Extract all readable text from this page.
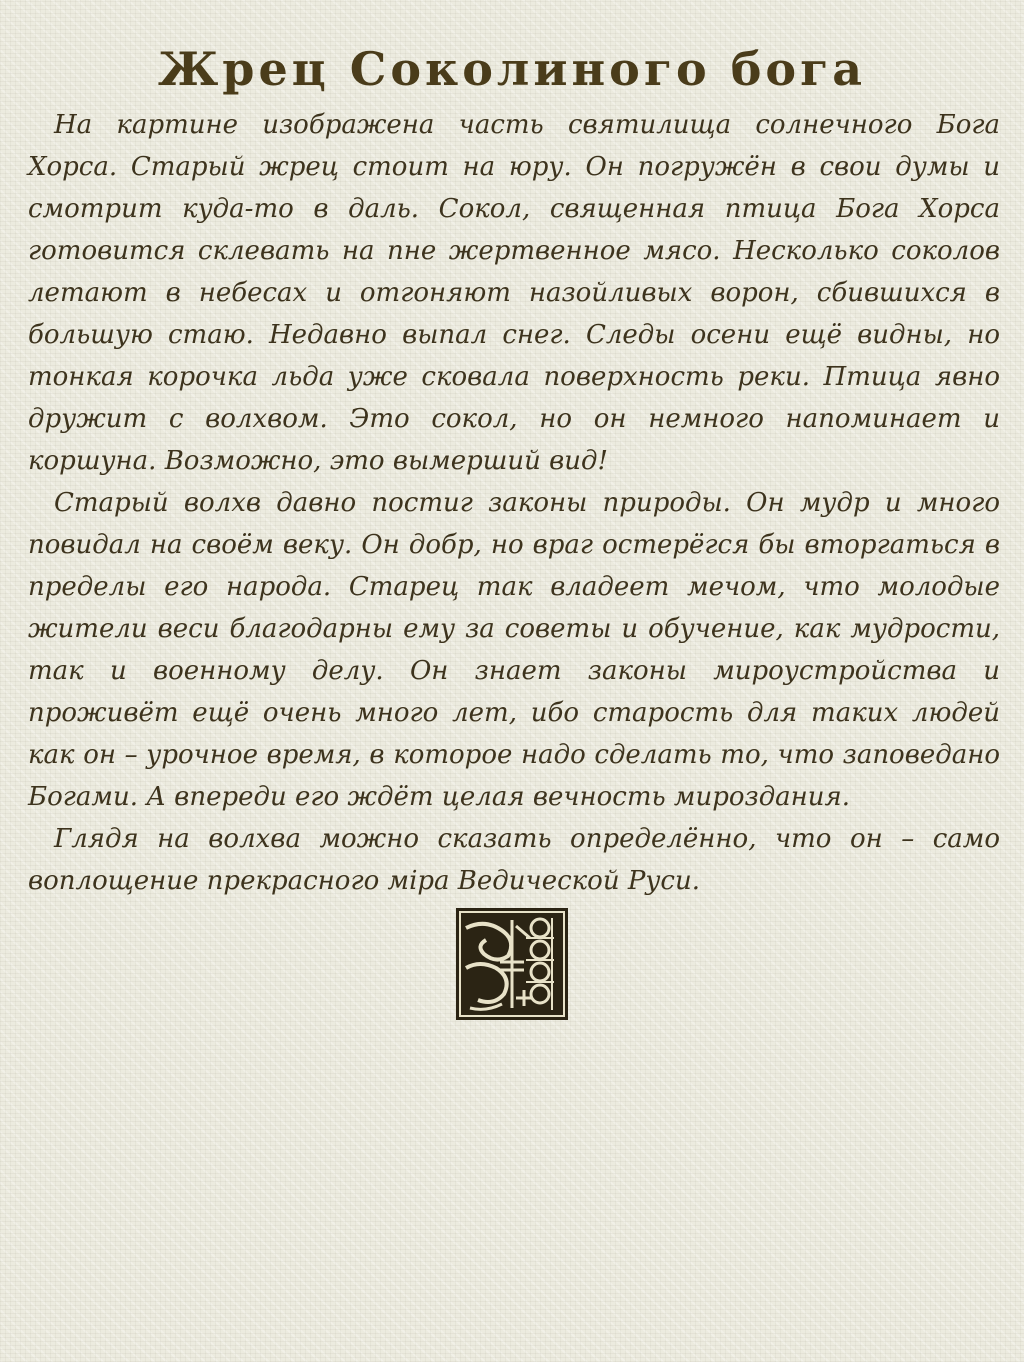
Жрец Соколиного бога

На картине изображена часть святилища солнечного Бога Хорса. Старый жрец стоит на юру. Он погружён в свои думы и смотрит куда-то в даль. Сокол, священная птица Бога Хорса готовится склевать на пне жертвенное мясо. Несколько соколов летают в небесах и отгоняют назойливых ворон, сбившихся в большую стаю. Недавно выпал снег. Следы осени ещё видны, но тонкая корочка льда уже сковала поверхность реки. Птица явно дружит с волхвом. Это сокол, но он немного напоминает и коршуна. Возможно, это вымерший вид!

Старый волхв давно постиг законы природы. Он мудр и много повидал на своём веку. Он добр, но враг остерёгся бы вторгаться в пределы его народа. Старец так владеет мечом, что молодые жители веси благодарны ему за советы и обучение, как мудрости, так и военному делу. Он знает законы мироустройства и проживёт ещё очень много лет, ибо старость для таких людей как он – урочное время, в которое надо сделать то, что заповедано Богами. А впереди его ждёт целая вечность мироздания.

Глядя на волхва можно сказать определённо, что он – само воплощение прекрасного міра Ведической Руси.
